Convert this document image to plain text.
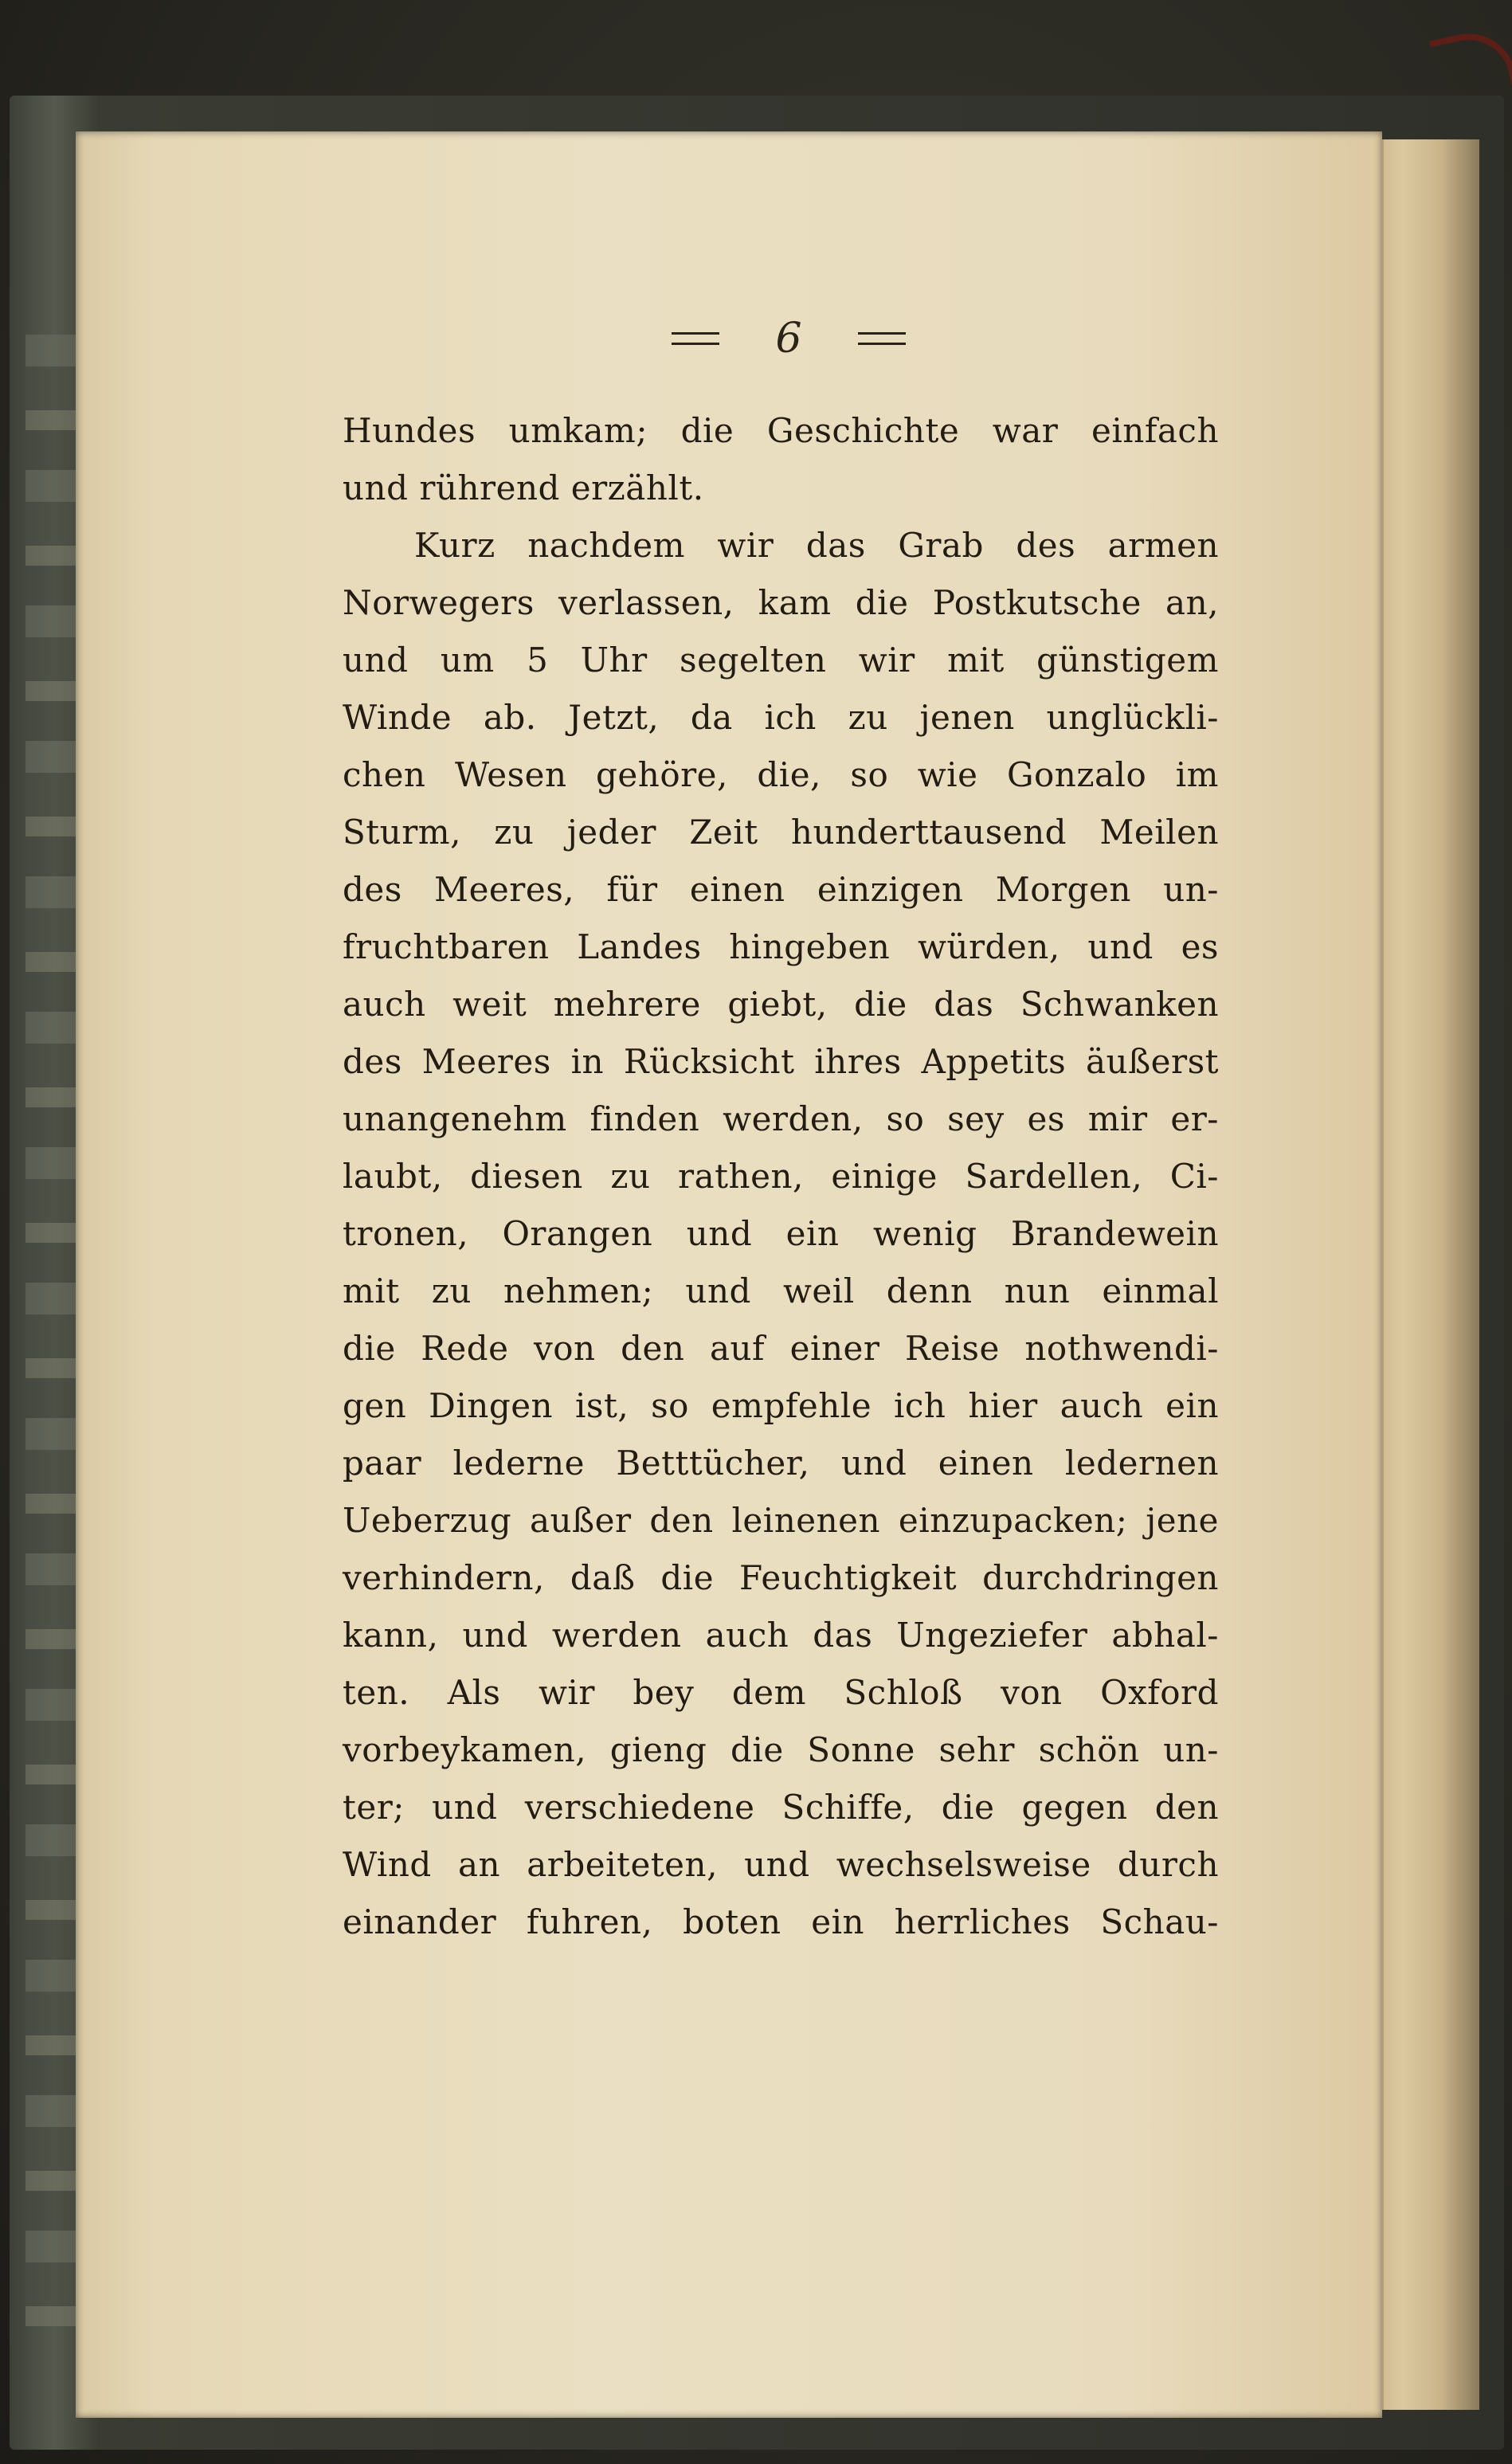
6
Hundes umkam; die Geschichte war einfach
und rührend erzählt.
Kurz nachdem wir das Grab des armen
Norwegers verlassen, kam die Postkutsche an,
und um 5 Uhr segelten wir mit günstigem
Winde ab. Jetzt, da ich zu jenen unglückli-
chen Wesen gehöre, die, so wie Gonzalo im
Sturm, zu jeder Zeit hunderttausend Meilen
des Meeres, für einen einzigen Morgen un-
fruchtbaren Landes hingeben würden, und es
auch weit mehrere giebt, die das Schwanken
des Meeres in Rücksicht ihres Appetits äußerst
unangenehm finden werden, so sey es mir er-
laubt, diesen zu rathen, einige Sardellen, Ci-
tronen, Orangen und ein wenig Brandewein
mit zu nehmen; und weil denn nun einmal
die Rede von den auf einer Reise nothwendi-
gen Dingen ist, so empfehle ich hier auch ein
paar lederne Betttücher, und einen ledernen
Ueberzug außer den leinenen einzupacken; jene
verhindern, daß die Feuchtigkeit durchdringen
kann, und werden auch das Ungeziefer abhal-
ten. Als wir bey dem Schloß von Oxford
vorbeykamen, gieng die Sonne sehr schön un-
ter; und verschiedene Schiffe, die gegen den
Wind an arbeiteten, und wechselsweise durch
einander fuhren, boten ein herrliches Schau-
